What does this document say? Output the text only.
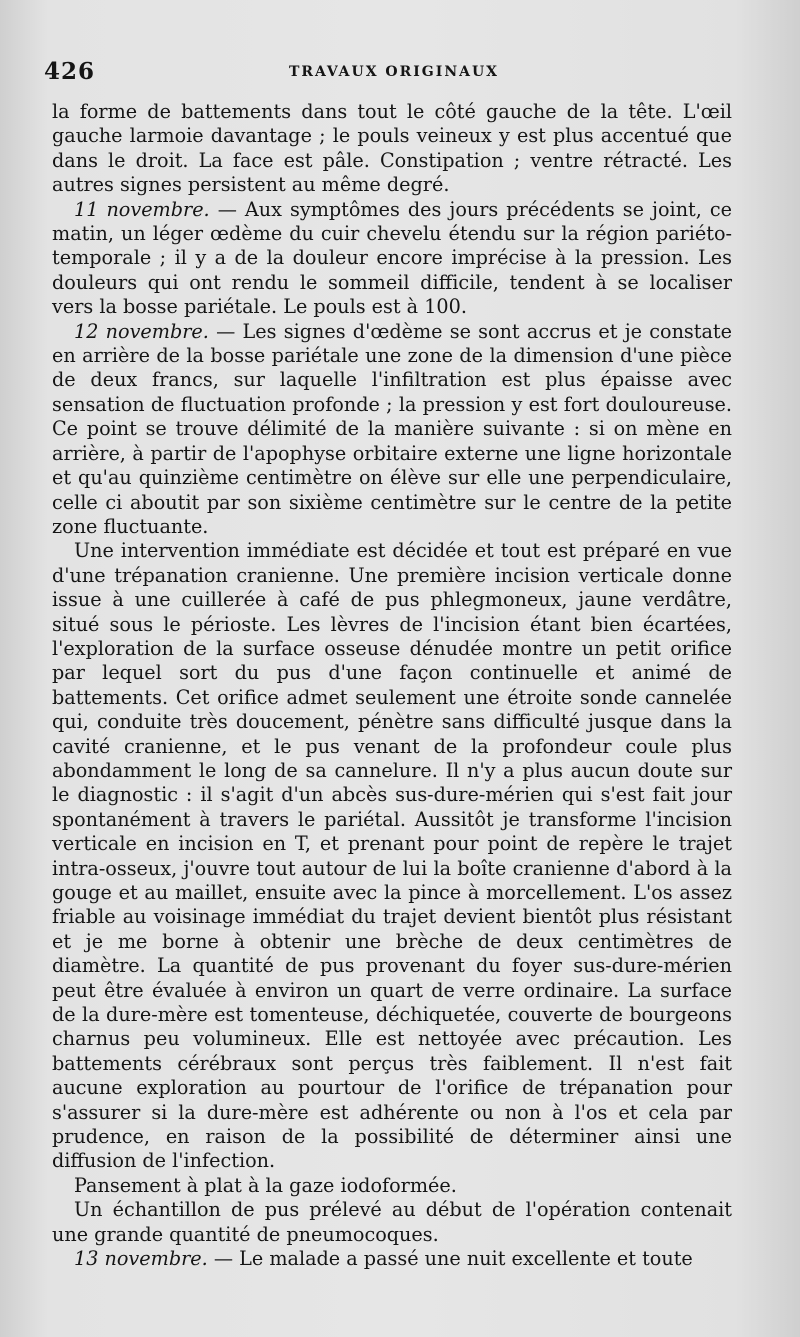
426	TRAVAUX ORIGINAUX

la forme de battements dans tout le côté gauche de la tête. L'œil gauche larmoie davantage ; le pouls veineux y est plus accentué que dans le droit. La face est pâle. Constipation ; ventre rétracté. Les autres signes persistent au même degré.

11 novembre. — Aux symptômes des jours précédents se joint, ce matin, un léger œdème du cuir chevelu étendu sur la région pariéto-temporale ; il y a de la douleur encore imprécise à la pression. Les douleurs qui ont rendu le sommeil difficile, tendent à se localiser vers la bosse pariétale. Le pouls est à 100.

12 novembre. — Les signes d'œdème se sont accrus et je constate en arrière de la bosse pariétale une zone de la dimension d'une pièce de deux francs, sur laquelle l'infiltration est plus épaisse avec sensation de fluctuation profonde ; la pression y est fort douloureuse. Ce point se trouve délimité de la manière suivante : si on mène en arrière, à partir de l'apophyse orbitaire externe une ligne horizontale et qu'au quinzième centimètre on élève sur elle une perpendiculaire, celle ci aboutit par son sixième centimètre sur le centre de la petite zone fluctuante.

Une intervention immédiate est décidée et tout est préparé en vue d'une trépanation cranienne. Une première incision verticale donne issue à une cuillerée à café de pus phlegmoneux, jaune verdâtre, situé sous le périoste. Les lèvres de l'incision étant bien écartées, l'exploration de la surface osseuse dénudée montre un petit orifice par lequel sort du pus d'une façon continuelle et animé de battements. Cet orifice admet seulement une étroite sonde cannelée qui, conduite très doucement, pénètre sans difficulté jusque dans la cavité cranienne, et le pus venant de la profondeur coule plus abondamment le long de sa cannelure. Il n'y a plus aucun doute sur le diagnostic : il s'agit d'un abcès sus-dure-mérien qui s'est fait jour spontanément à travers le pariétal. Aussitôt je transforme l'incision verticale en incision en T, et prenant pour point de repère le trajet intra-osseux, j'ouvre tout autour de lui la boîte cranienne d'abord à la gouge et au maillet, ensuite avec la pince à morcellement. L'os assez friable au voisinage immédiat du trajet devient bientôt plus résistant et je me borne à obtenir une brèche de deux centimètres de diamètre. La quantité de pus provenant du foyer sus-dure-mérien peut être évaluée à environ un quart de verre ordinaire. La surface de la dure-mère est tomenteuse, déchiquetée, couverte de bourgeons charnus peu volumineux. Elle est nettoyée avec précaution. Les battements cérébraux sont perçus très faiblement. Il n'est fait aucune exploration au pourtour de l'orifice de trépanation pour s'assurer si la dure-mère est adhérente ou non à l'os et cela par prudence, en raison de la possibilité de déterminer ainsi une diffusion de l'infection.

Pansement à plat à la gaze iodoformée.

Un échantillon de pus prélevé au début de l'opération contenait une grande quantité de pneumocoques.

13 novembre. — Le malade a passé une nuit excellente et toute
